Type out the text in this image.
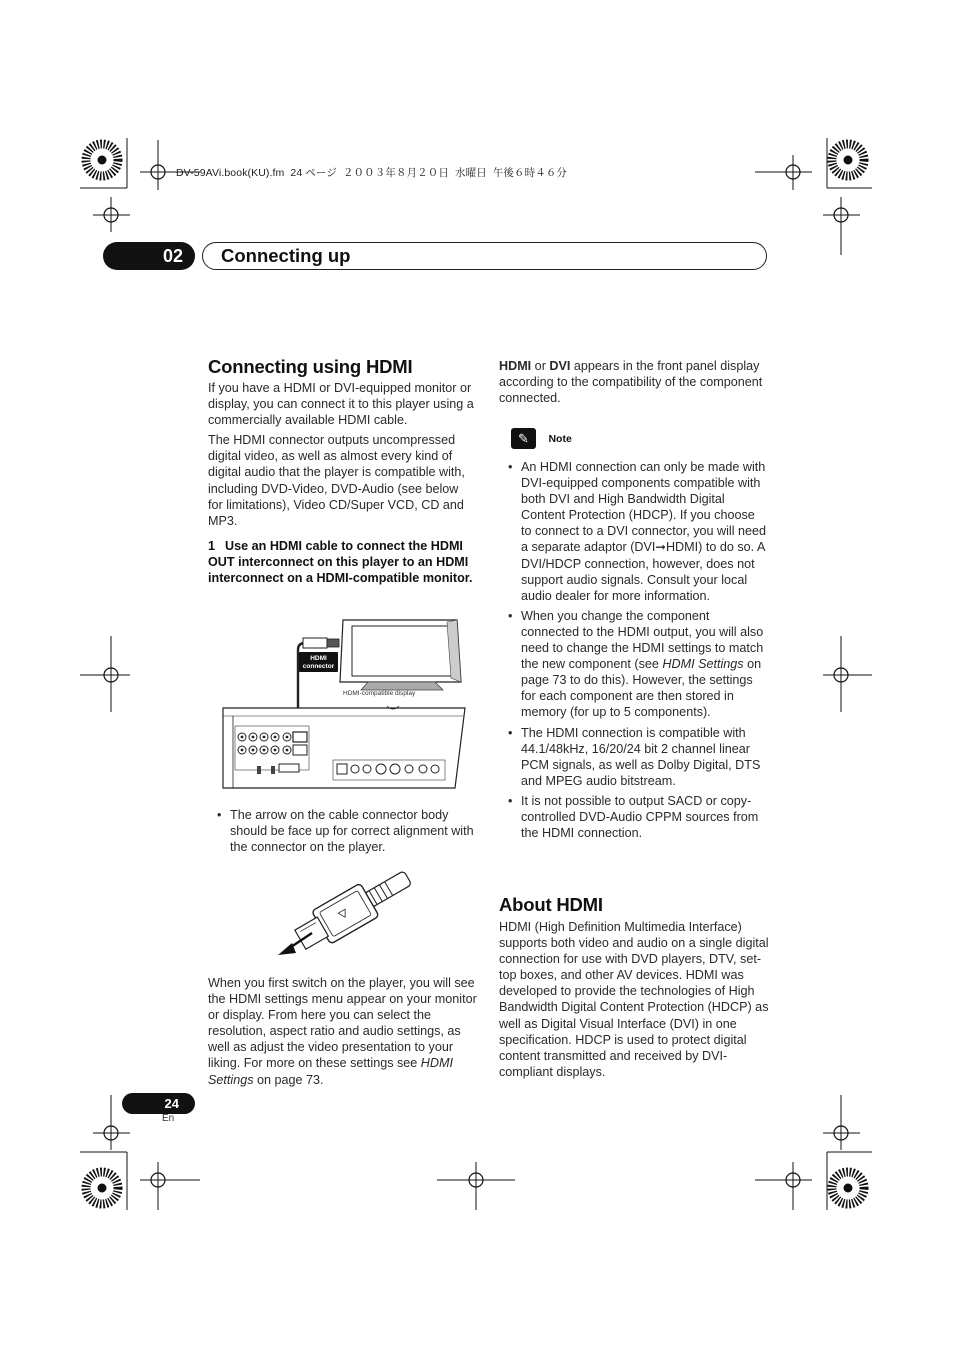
DV-59AVi.book(KU).fm  24 ページ  ２００３年８月２０日  水曜日  午後６時４６分
02	Connecting up
Connecting using HDMI

If you have a HDMI or DVI-equipped monitor or display, you can connect it to this player using a commercially available HDMI cable.

The HDMI connector outputs uncompressed digital video, as well as almost every kind of digital audio that the player is compatible with, including DVD-Video, DVD-Audio (see below for limitations), Video CD/Super VCD, CD and MP3.

1 Use an HDMI cable to connect the HDMI OUT interconnect on this player to an HDMI interconnect on a HDMI-compatible monitor.
HDMI
connector
HDMI-compatible display
• The arrow on the cable connector body should be face up for correct alignment with the connector on the player.

When you first switch on the player, you will see the HDMI settings menu appear on your monitor or display. From here you can select the resolution, aspect ratio and audio settings, as well as adjust the video presentation to your liking. For more on these settings see HDMI Settings on page 73.

HDMI or DVI appears in the front panel display according to the compatibility of the component connected.

✎ Note
• An HDMI connection can only be made with DVI-equipped components compatible with both DVI and High Bandwidth Digital Content Protection (HDCP). If you choose to connect to a DVI connector, you will need a separate adaptor (DVI➞HDMI) to do so. A DVI/HDCP connection, however, does not support audio signals. Consult your local audio dealer for more information.
• When you change the component connected to the HDMI output, you will also need to change the HDMI settings to match the new component (see HDMI Settings on page 73 to do this). However, the settings for each component are then stored in memory (for up to 5 components).
• The HDMI connection is compatible with 44.1/48kHz, 16/20/24 bit 2 channel linear PCM signals, as well as Dolby Digital, DTS and MPEG audio bitstream.
• It is not possible to output SACD or copy-controlled DVD-Audio CPPM sources from the HDMI connection.
About HDMI

HDMI (High Definition Multimedia Interface) supports both video and audio on a single digital connection for use with DVD players, DTV, set-top boxes, and other AV devices. HDMI was developed to provide the technologies of High Bandwidth Digital Content Protection (HDCP) as well as Digital Visual Interface (DVI) in one specification. HDCP is used to protect digital content transmitted and received by DVI-compliant displays.

24
En
